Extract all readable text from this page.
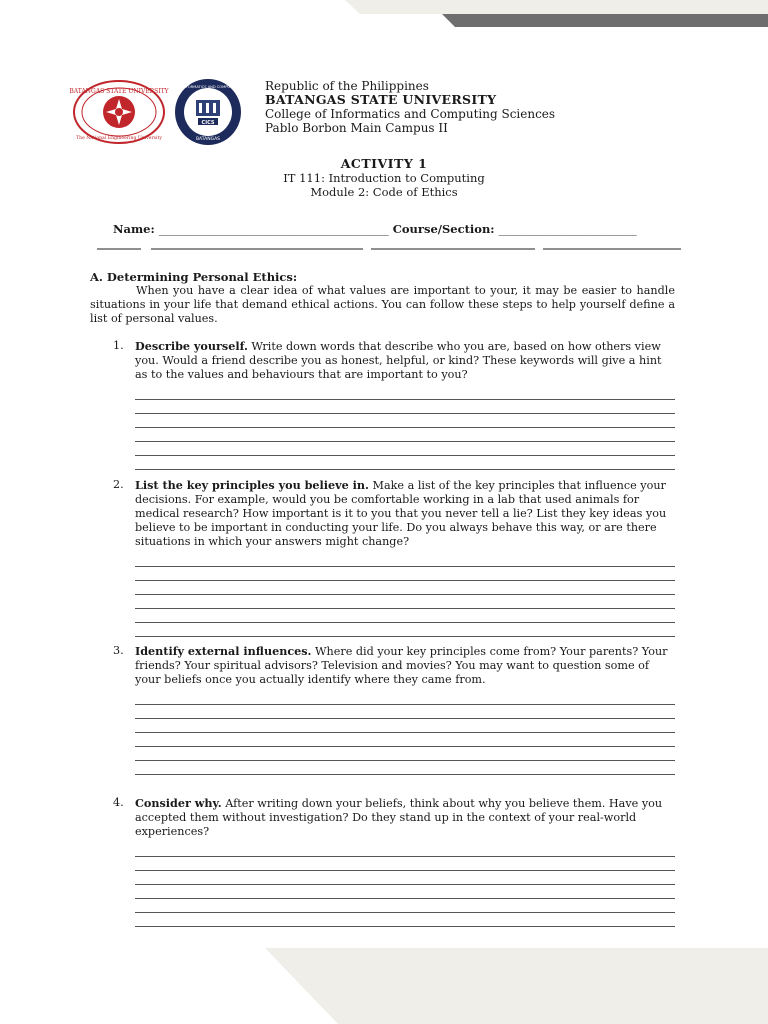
BATANGAS STATE UNIVERSITY
The National Engineering University
COLLEGE OF INFORMATICS AND COMPUTING SCIENCES
CICS
BATANGAS
Republic of the Philippines
BATANGAS STATE UNIVERSITY
College of Informatics and Computing Sciences
Pablo Borbon Main Campus II
ACTIVITY 1
IT 111: Introduction to Computing
Module 2: Code of Ethics
Name: ________________________________________ Course/Section: ________________________
A. Determining Personal Ethics:
When you have a clear idea of what values are important to your, it may be easier to handle situations in your life that demand ethical actions. You can follow these steps to help yourself define a list of personal values.
1. Describe yourself. Write down words that describe who you are, based on how others view you. Would a friend describe you as honest, helpful, or kind? These keywords will give a hint as to the values and behaviours that are important to you?
2. List the key principles you believe in. Make a list of the key principles that influence your decisions. For example, would you be comfortable working in a lab that used animals for medical research? How important is it to you that you never tell a lie? List they key ideas you believe to be important in conducting your life. Do you always behave this way, or are there situations in which your answers might change?
3. Identify external influences. Where did your key principles come from? Your parents? Your friends? Your spiritual advisors? Television and movies? You may want to question some of your beliefs once you actually identify where they came from.
4. Consider why. After writing down your beliefs, think about why you believe them. Have you accepted them without investigation? Do they stand up in the context of your real-world experiences?
